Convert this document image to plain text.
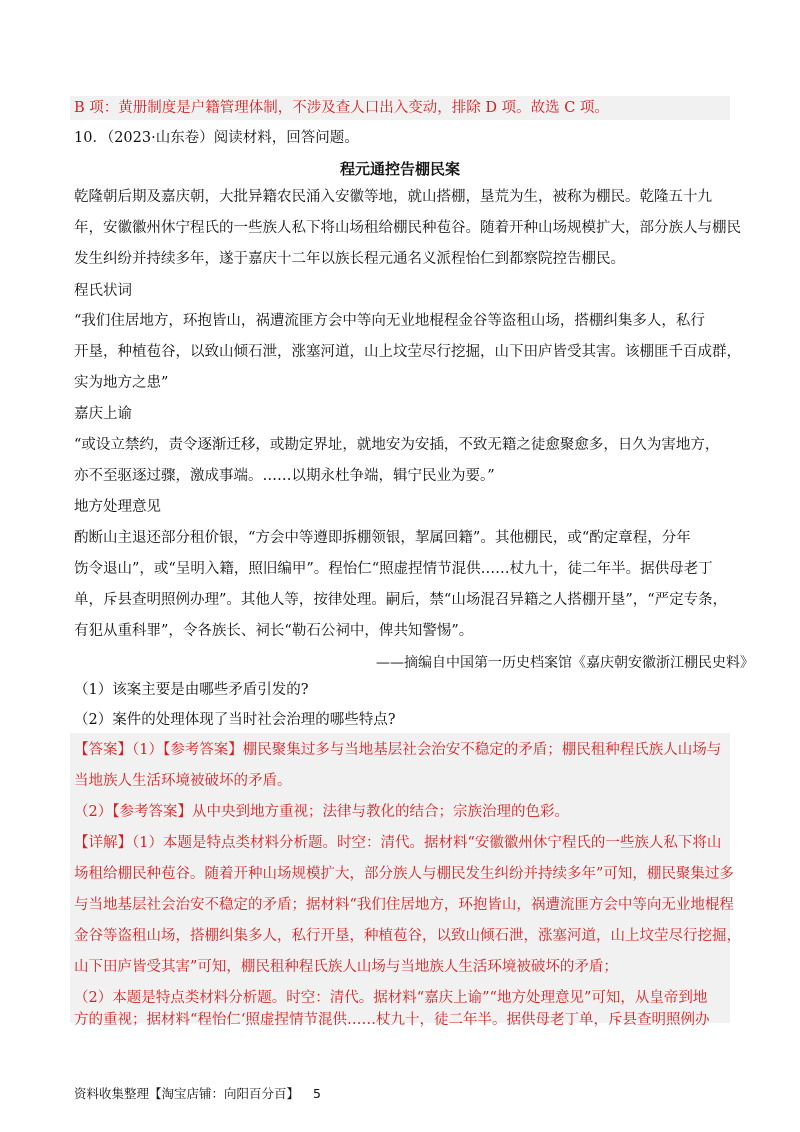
B 项：黄册制度是户籍管理体制，不涉及查人口出入变动，排除 D 项。故选 C 项。
10．（2023·山东卷）阅读材料，回答问题。
程元通控告棚民案
乾隆朝后期及嘉庆朝，大批异籍农民涌入安徽等地，就山搭棚，垦荒为生，被称为棚民。乾隆五十九
年，安徽徽州休宁程氏的一些族人私下将山场租给棚民种苞谷。随着开种山场规模扩大，部分族人与棚民
发生纠纷并持续多年，遂于嘉庆十二年以族长程元通名义派程怡仁到都察院控告棚民。
程氏状词
“我们住居地方，环抱皆山，祸遭流匪方会中等向无业地棍程金谷等盗租山场，搭棚纠集多人，私行
开垦，种植苞谷，以致山倾石泄，涨塞河道，山上坟茔尽行挖掘，山下田庐皆受其害。该棚匪千百成群，
实为地方之患”
嘉庆上谕
“或设立禁约，责令逐渐迁移，或勘定界址，就地安为安插，不致无籍之徒愈聚愈多，日久为害地方，
亦不至驱逐过骤，激成事端。……以期永杜争端，辑宁民业为要。”
地方处理意见
酌断山主退还部分租价银，“方会中等遵即拆棚领银，挈属回籍”。其他棚民，或“酌定章程，分年
饬令退山”，或“呈明入籍，照旧编甲”。程怡仁“照虚捏情节混供……杖九十，徒二年半。据供母老丁
单，斥县查明照例办理”。其他人等，按律处理。嗣后，禁“山场混召异籍之人搭棚开垦”，“严定专条，
有犯从重科罪”，令各族长、祠长“勒石公祠中，俾共知警惕”。
——摘编自中国第一历史档案馆《嘉庆朝安徽浙江棚民史料》
（1）该案主要是由哪些矛盾引发的?
（2）案件的处理体现了当时社会治理的哪些特点?
【答案】（1）【参考答案】棚民聚集过多与当地基层社会治安不稳定的矛盾；棚民租种程氏族人山场与
当地族人生活环境被破坏的矛盾。
（2）【参考答案】从中央到地方重视；法律与教化的结合；宗族治理的色彩。
【详解】（1）本题是特点类材料分析题。时空：清代。据材料“安徽徽州休宁程氏的一些族人私下将山
场租给棚民种苞谷。随着开种山场规模扩大，部分族人与棚民发生纠纷并持续多年”可知，棚民聚集过多
与当地基层社会治安不稳定的矛盾；据材料“我们住居地方，环抱皆山，祸遭流匪方会中等向无业地棍程
金谷等盗租山场，搭棚纠集多人，私行开垦，种植苞谷，以致山倾石泄，涨塞河道，山上坟茔尽行挖掘，
山下田庐皆受其害”可知，棚民租种程氏族人山场与当地族人生活环境被破坏的矛盾；
（2）本题是特点类材料分析题。时空：清代。据材料“嘉庆上谕”“地方处理意见”可知，从皇帝到地
方的重视；据材料“程怡仁‘照虚捏情节混供……杖九十，徒二年半。据供母老丁单，斥县查明照例办
资料收集整理【淘宝店铺：向阳百分百】 5
